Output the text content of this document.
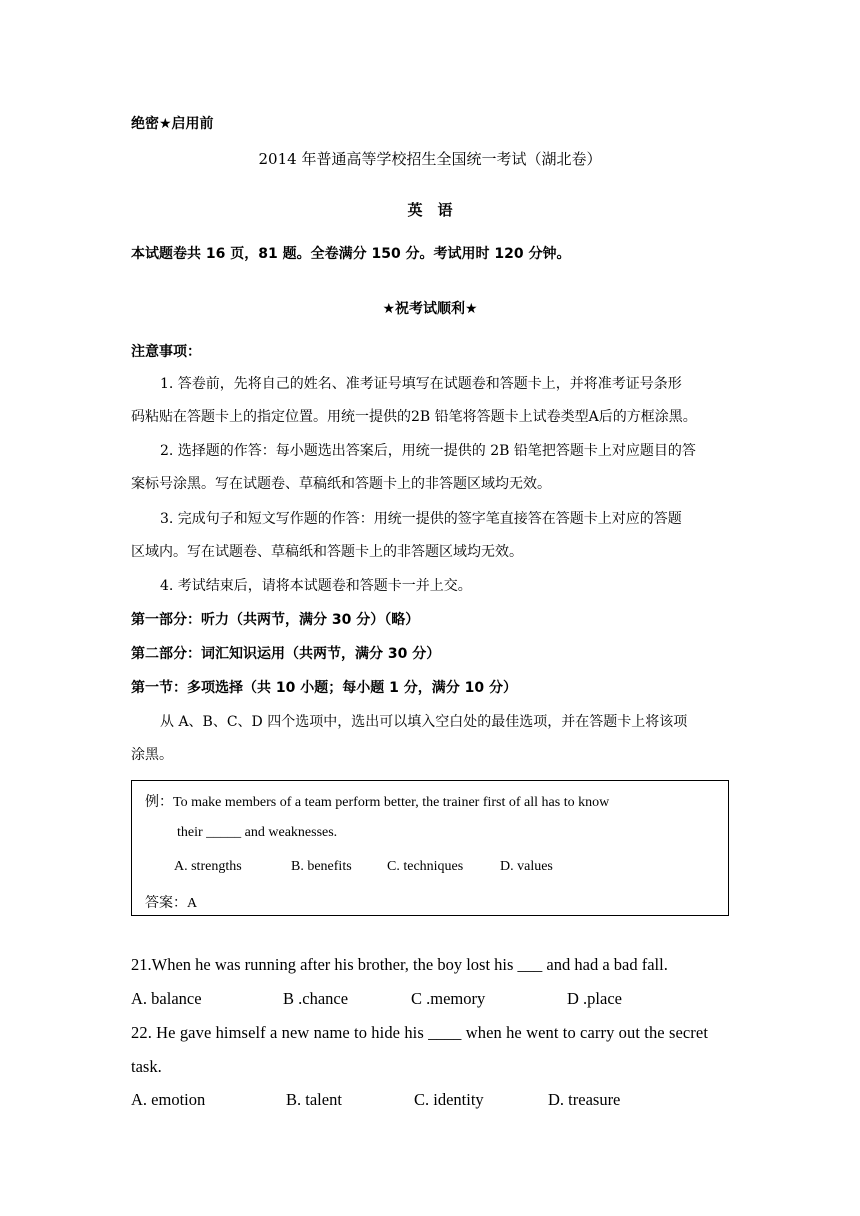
绝密★启用前
2014 年普通高等学校招生全国统一考试（湖北卷）
英　语
本试题卷共 16 页，81 题。全卷满分 150 分。考试用时 120 分钟。
★祝考试顺利★
注意事项：
1. 答卷前，先将自己的姓名、准考证号填写在试题卷和答题卡上，并将准考证号条形
码粘贴在答题卡上的指定位置。用统一提供的2B 铅笔将答题卡上试卷类型A后的方框涂黑。
2. 选择题的作答：每小题选出答案后，用统一提供的 2B 铅笔把答题卡上对应题目的答
案标号涂黑。写在试题卷、草稿纸和答题卡上的非答题区域均无效。
3. 完成句子和短文写作题的作答：用统一提供的签字笔直接答在答题卡上对应的答题
区域内。写在试题卷、草稿纸和答题卡上的非答题区域均无效。
4. 考试结束后，请将本试题卷和答题卡一并上交。
第一部分：听力（共两节，满分 30 分）（略）
第二部分：词汇知识运用（共两节，满分 30 分）
第一节：多项选择（共 10 小题；每小题 1 分，满分 10 分）
从 A、B、C、D 四个选项中，选出可以填入空白处的最佳选项，并在答题卡上将该项
涂黑。
例：To make members of a team perform better, the trainer first of all has to know
their _____ and weaknesses.
A. strengths	B. benefits	C. techniques	D. values
答案：A
21.When he was running after his brother, the boy lost his ___ and had a bad fall.
A. balance	B .chance	C .memory	D .place
22. He gave himself a new name to hide his ____ when he went to carry out the secret
task.
A. emotion	B. talent	C. identity	D. treasure
